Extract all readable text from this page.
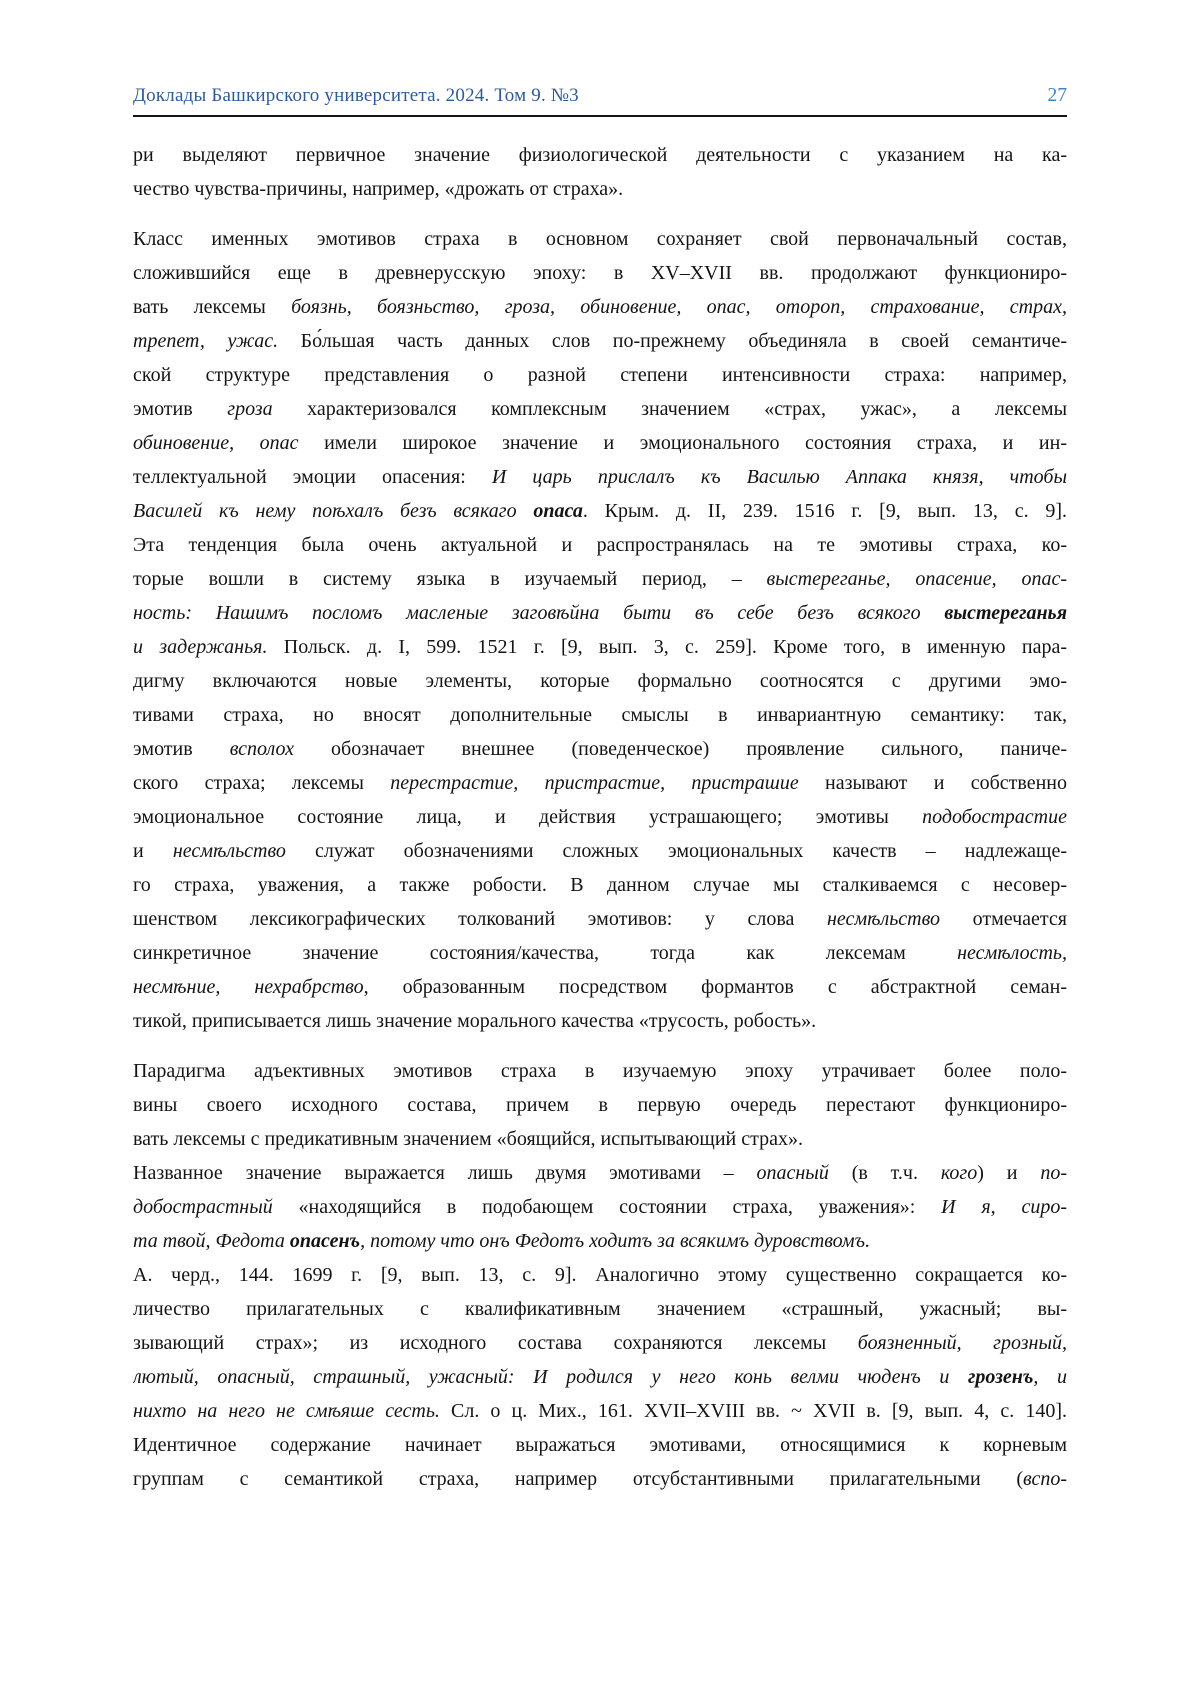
Доклады Башкирского университета. 2024. Том 9. №3	27
ри выделяют первичное значение физиологической деятельности с указанием на ка-
чество чувства-причины, например, «дрожать от страха».
Класс именных эмотивов страха в основном сохраняет свой первоначальный состав,
сложившийся еще в древнерусскую эпоху: в XV–XVII вв. продолжают функциониро-
вать лексемы боязнь, боязньство, гроза, обиновение, опас, отороп, страхование, страх,
трепет, ужас. Бо́льшая часть данных слов по-прежнему объединяла в своей семантиче-
ской структуре представления о разной степени интенсивности страха: например,
эмотив гроза характеризовался комплексным значением «страх, ужас», а лексемы
обиновение, опас имели широкое значение и эмоционального состояния страха, и ин-
теллектуальной эмоции опасения: И царь прислалъ къ Василью Аппака князя, чтобы
Василей къ нему поѣхалъ безъ всякаго опаса. Крым. д. II, 239. 1516 г. [9, вып. 13, с. 9].
Эта тенденция была очень актуальной и распространялась на те эмотивы страха, ко-
торые вошли в систему языка в изучаемый период, – выстереганье, опасение, опас-
ность: Нашимъ посломъ масленые заговѣйна быти въ себе безъ всякого выстереганья
и задержанья. Польск. д. I, 599. 1521 г. [9, вып. 3, с. 259]. Кроме того, в именную пара-
дигму включаются новые элементы, которые формально соотносятся с другими эмо-
тивами страха, но вносят дополнительные смыслы в инвариантную семантику: так,
эмотив всполох обозначает внешнее (поведенческое) проявление сильного, паниче-
ского страха; лексемы перестрастие, пристрастие, пристрашие называют и собственно
эмоциональное состояние лица, и действия устрашающего; эмотивы подобострастие
и несмѣльство служат обозначениями сложных эмоциональных качеств – надлежаще-
го страха, уважения, а также робости. В данном случае мы сталкиваемся с несовер-
шенством лексикографических толкований эмотивов: у слова несмѣльство отмечается
синкретичное значение состояния/качества, тогда как лексемам несмѣлость,
несмѣние, нехрабрство, образованным посредством формантов с абстрактной семан-
тикой, приписывается лишь значение морального качества «трусость, робость».
Парадигма адъективных эмотивов страха в изучаемую эпоху утрачивает более поло-
вины своего исходного состава, причем в первую очередь перестают функциониро-
вать лексемы с предикативным значением «боящийся, испытывающий страх».
Названное значение выражается лишь двумя эмотивами – опасный (в т.ч. кого) и по-
добострастный «находящийся в подобающем состоянии страха, уважения»: И я, сиро-
та твой, Федота опасенъ, потому что онъ Федотъ ходитъ за всякимъ дуровствомъ.
А. черд., 144. 1699 г. [9, вып. 13, с. 9]. Аналогично этому существенно сокращается ко-
личество прилагательных с квалификативным значением «страшный, ужасный; вы-
зывающий страх»; из исходного состава сохраняются лексемы боязненный, грозный,
лютый, опасный, страшный, ужасный: И родился у него конь велми чюденъ и грозенъ, и
нихто на него не смѣяше сесть. Сл. о ц. Мих., 161. XVII–XVIII вв. ~ XVII в. [9, вып. 4, с. 140].
Идентичное содержание начинает выражаться эмотивами, относящимися к корневым
группам с семантикой страха, например отсубстантивными прилагательными (вспо-
